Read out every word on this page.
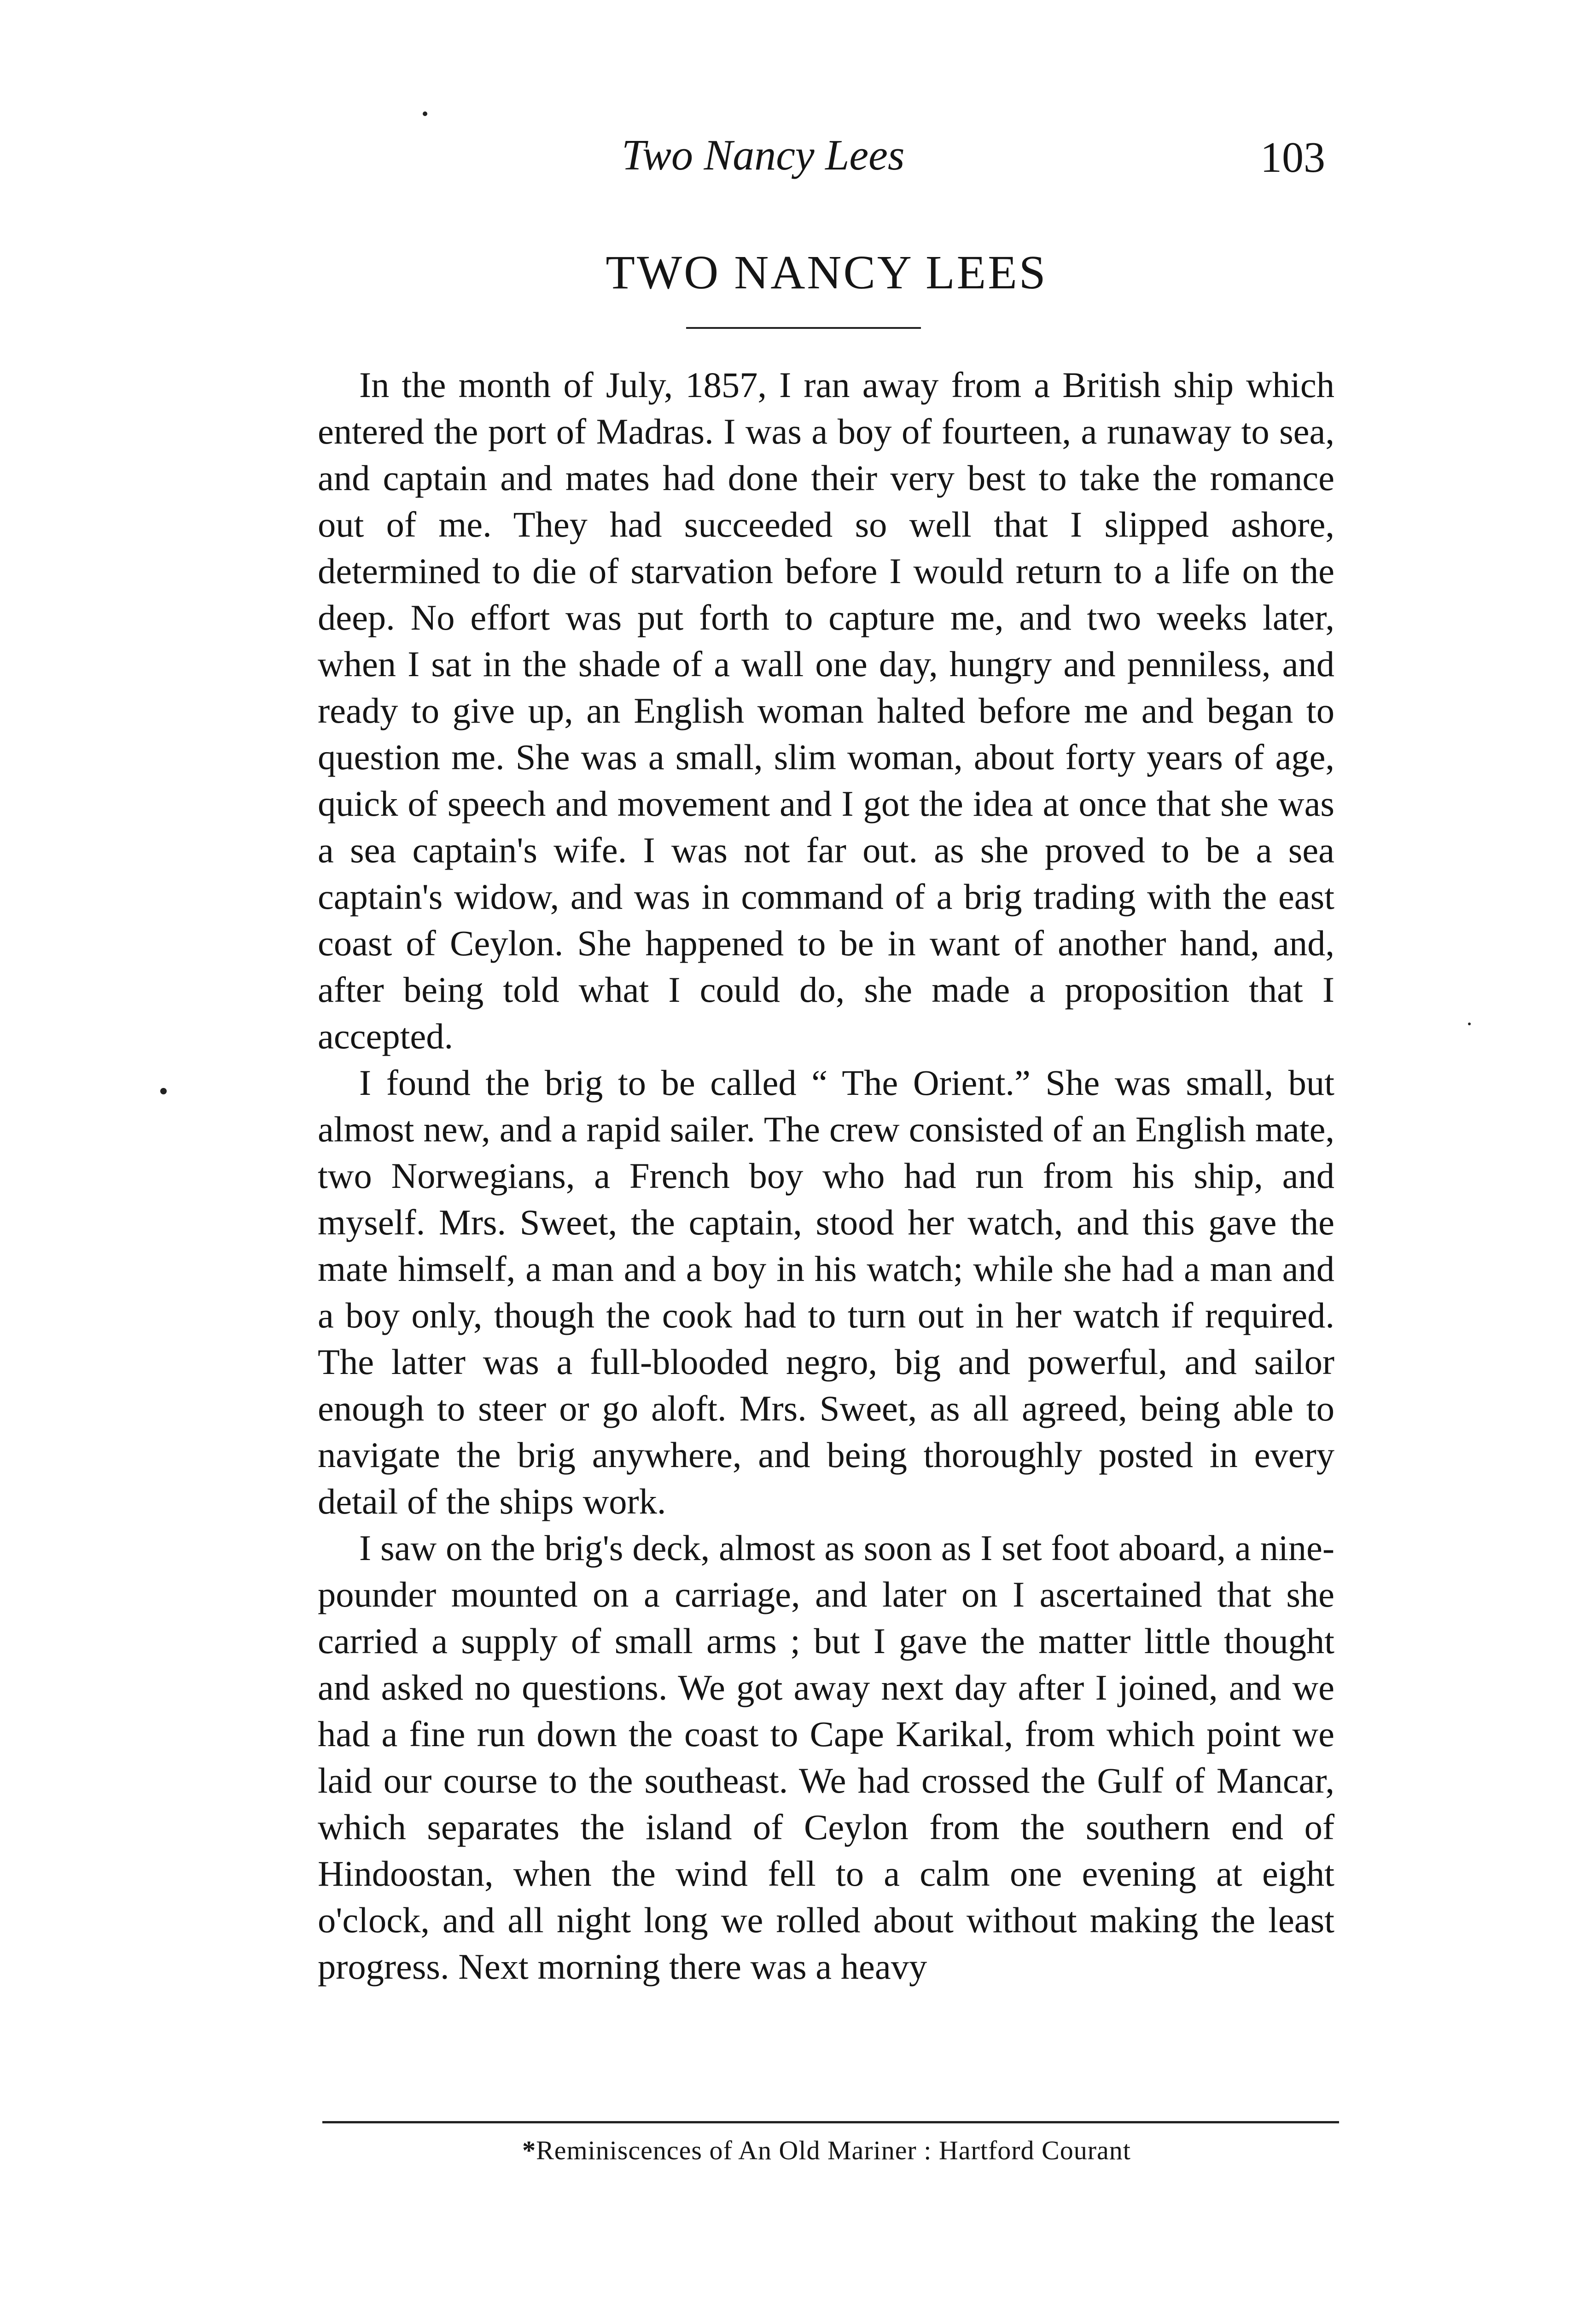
Two Nancy Lees	103
TWO NANCY LEES

In the month of July, 1857, I ran away from a British ship which entered the port of Madras. I was a boy of fourteen, a runaway to sea, and captain and mates had done their very best to take the romance out of me. They had succeeded so well that I slipped ashore, determined to die of starvation before I would return to a life on the deep. No effort was put forth to capture me, and two weeks later, when I sat in the shade of a wall one day, hungry and penniless, and ready to give up, an English woman halted before me and began to question me. She was a small, slim woman, about forty years of age, quick of speech and movement and I got the idea at once that she was a sea captain's wife. I was not far out. as she proved to be a sea captain's widow, and was in command of a brig trading with the east coast of Ceylon. She happened to be in want of another hand, and, after being told what I could do, she made a proposition that I accepted.

I found the brig to be called “ The Orient.” She was small, but almost new, and a rapid sailer. The crew consisted of an English mate, two Norwegians, a French boy who had run from his ship, and myself. Mrs. Sweet, the captain, stood her watch, and this gave the mate himself, a man and a boy in his watch; while she had a man and a boy only, though the cook had to turn out in her watch if required. The latter was a full-blooded negro, big and powerful, and sailor enough to steer or go aloft. Mrs. Sweet, as all agreed, being able to navigate the brig anywhere, and being thoroughly posted in every detail of the ships work.

I saw on the brig's deck, almost as soon as I set foot aboard, a nine-pounder mounted on a carriage, and later on I ascertained that she carried a supply of small arms ; but I gave the matter little thought and asked no questions. We got away next day after I joined, and we had a fine run down the coast to Cape Karikal, from which point we laid our course to the southeast. We had crossed the Gulf of Mancar, which separates the island of Ceylon from the southern end of Hindoostan, when the wind fell to a calm one evening at eight o'clock, and all night long we rolled about without making the least progress. Next morning there was a heavy

*Reminiscences of An Old Mariner : Hartford Courant
